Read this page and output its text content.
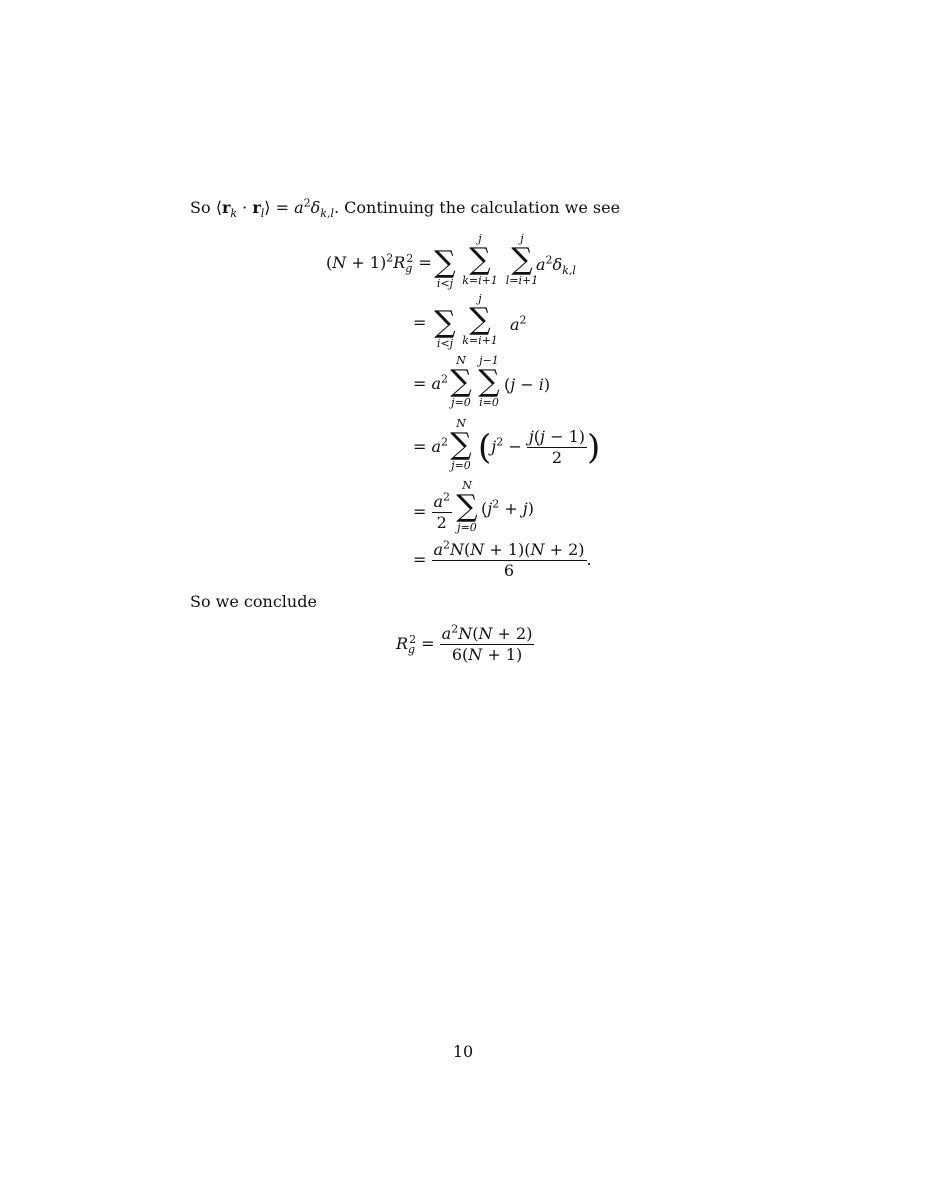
So $⟨r_k$ · $r_l⟩ = a^2\delta_{k,l}$. Continuing the calculation we see
$(N + 1)^2R_g^2$ = ∑
i<j
j
∑
k=i+1
j
∑
l=i+1
$a^2\delta_{k,l}$
= ∑
i<j
j
∑
k=i+1
$a^2$
= $a^2$
N
∑
j=0
j−1
∑
i=0
(j − i)
= $a^2$
N
∑
j=0 ($j^2 - \frac{j(j - 1)}{2}$ )
= $\frac{a^2}{2}$
N
∑
j=0
$(j^2 + j)$
= $\frac{a^2N(N + 1)(N + 2)}{6}$ .
So we conclude
$R_g^2 = \frac{a^2N(N + 2)}{6(N + 1)}$
10
